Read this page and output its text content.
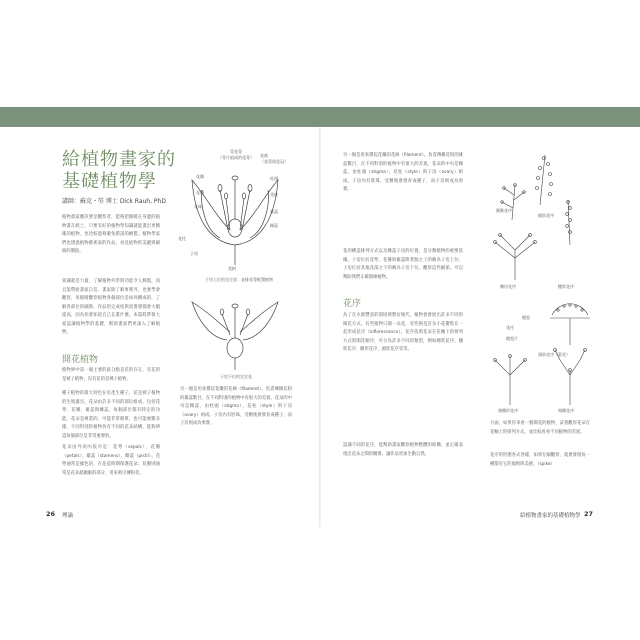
給植物畫家的
基礎植物學
講師：蘇克・勞 博士 Dick Rauh, PhD
植物畫家應該要是觀察者，能夠把圍繞在身邊的植物畫在紙上，只要有好的植物學知識就能畫出更精確的植物，也比較能夠避免錯誤的繪製。植物學家們也透過植物藝術家的作品，看見植物的美麗與細節的價值。
知識就是力量，了解植物外形與功能令人興奮，而且能帶給畫家自信。畫家除了解事實外，也要學會觀察，用眼睛觀察植物各個部位是如何構成的，了解各部位的細節，作品的完成度與真實感都會大幅提高，因為你會知道自己在畫什麼。本篇將帶領大家認識植物學的基礎，幫助畫家們更深入了解植物。
開花植物
植物界中第一個主要的區分點是花的存在，有花的是被子植物，沒有花的是裸子植物。
種子植物的最大特色在於產生種子，花是被子植物的生殖器官。花朵由許多不同的部位組成，包括花萼、花瓣、雄蕊與雌蕊，每個部位都有特定的功能。花朵是專業的，可能非常簡單，也可能複雜多樣，不同科別的植物各有不同的花朵結構，能夠辨認每個部位是非常重要的。
花朵由外而內依序是：花萼（sepals）、花瓣（petals）、雄蕊（stamens）、雌蕊（pistil）。花萼通常是綠色的，在花苞時期保護花朵；花瓣則通常是花朵最顯眼的部分，用來吸引傳粉者。
萼花萼
（萼片組成的花萼）
花瓣
花藥
花絲
花托
子房
花被
（花萼與花冠）
柱頭
花柱
雄蕊
雌蕊
花柄
子房上位的完全花：並排花萼配置植物
子房下位的完全花
另一個是用來撐起花藥的花絲（filament）。負責傳播花粉的雄蕊數目，在不同科別的植物中有很大的差異。花朵的中央是雌蕊，由柱頭（stigma）、花柱（style）與子房（ovary）組成。子房內有胚珠，受精後會發育成種子，而子房則成為果實。
另一個是用來撐起花藥的花絲（filament）。負責傳播花粉的雄蕊數目，在不同科別的植物中有很大的差異。花朵的中央是雌蕊，由柱頭（stigma）、花柱（style）與子房（ovary）組成。子房內有胚珠，受精後會發育成種子，而子房則成為果實。
花的構造排列方式以及雌蕊子房的位置，是分類植物的重要依據。子房位於花萼、花瓣與雄蕊附著點之上的稱為子房上位；子房位於其他花部之下的稱為子房下位。觀察這些細節，可以幫助我們正確描繪植物。
花序
為了在水源豐富的環境裡繁衍後代，植物會發展出許多不同的開花方式。有些植物只開一朵花，有些則是許多小花聚集在一起形成花序（inflorescence）。花序依照花朵在花軸上的排列方式與開花順序，可分為許多不同的類型，例如總狀花序、穗狀花序、繖形花序、頭狀花序等等。
認識不同的花序，能幫助畫家觀察植物整體的結構，並正確表現出花朵之間的關係，讓作品更加生動自然。
總狀花序
圓錐花序
繖房花序	穗狀花序
總苞
花托
總苞片
頭狀花序（菊花）
複繖形花序	聚繖花序
方面，如果你來看一個開花的植物，試著觀察花朵在花軸上的排列方式，並比較看看不同植物的差異。
花序的形態各式各樣，如果仔細觀察，就會發現每一種都有它的規則與美感。（spike）
26 理論	給植物畫家的基礎植物學 27
